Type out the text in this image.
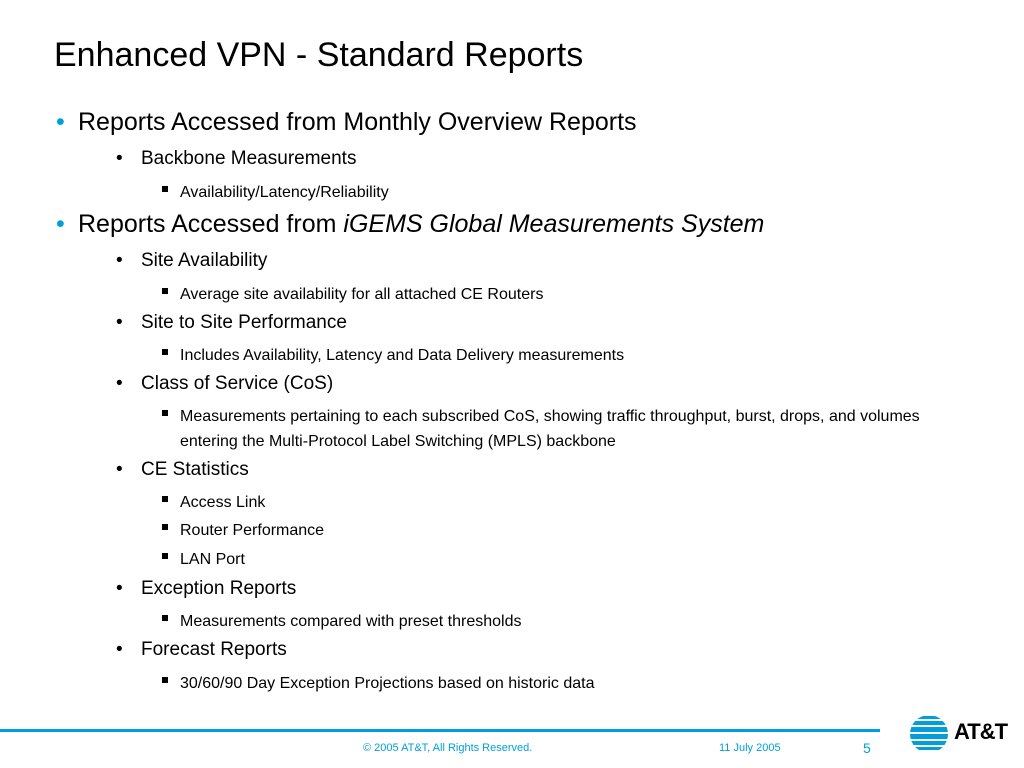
Enhanced VPN - Standard Reports
• Reports Accessed from Monthly Overview Reports
• Backbone Measurements
Availability/Latency/Reliability
• Reports Accessed from iGEMS Global Measurements System
• Site Availability
Average site availability for all attached CE Routers
• Site to Site Performance
Includes Availability, Latency and Data Delivery measurements
• Class of Service (CoS)
Measurements pertaining to each subscribed CoS, showing traffic throughput, burst, drops, and volumes entering the Multi-Protocol Label Switching (MPLS) backbone
• CE Statistics
Access Link
Router Performance
LAN Port
• Exception Reports
Measurements compared with preset thresholds
• Forecast Reports
30/60/90 Day Exception Projections based on historic data
© 2005 AT&T, All Rights Reserved.	11 July 2005	5
AT&T
